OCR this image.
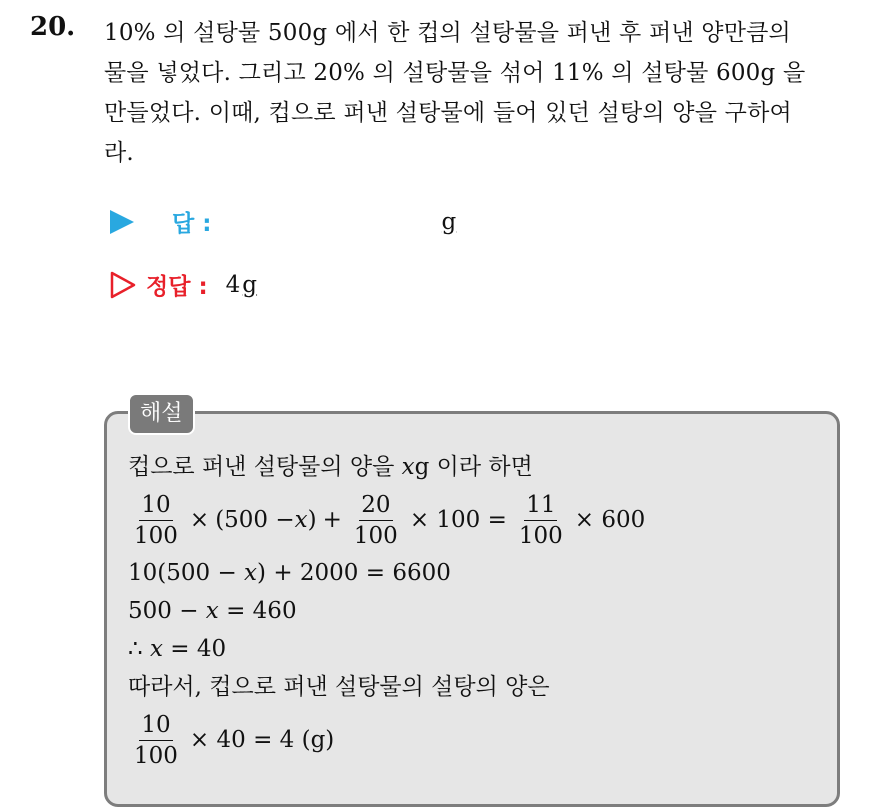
20. 10% 의 설탕물 500g 에서 한 컵의 설탕물을 퍼낸 후 퍼낸 양만큼의
물을 넣었다. 그리고 20% 의 설탕물을 섞어 11% 의 설탕물 600g 을
만들었다. 이때, 컵으로 퍼낸 설탕물에 들어 있던 설탕의 양을 구하여
라.
답 :	g
정답 : 4g
해설
컵으로 퍼낸 설탕물의 양을 xg 이라 하면
$\frac{10}{100} \times (500 - x$ ) + $\frac{20}{100} \times 100 = \frac{11}{100} \times 600$
10(500 − x) + 2000 = 6600
500 − x = 460
∴ x = 40
따라서, 컵으로 퍼낸 설탕물의 설탕의 양은
$\frac{10}{100} \times 40 = 4$ (g)
